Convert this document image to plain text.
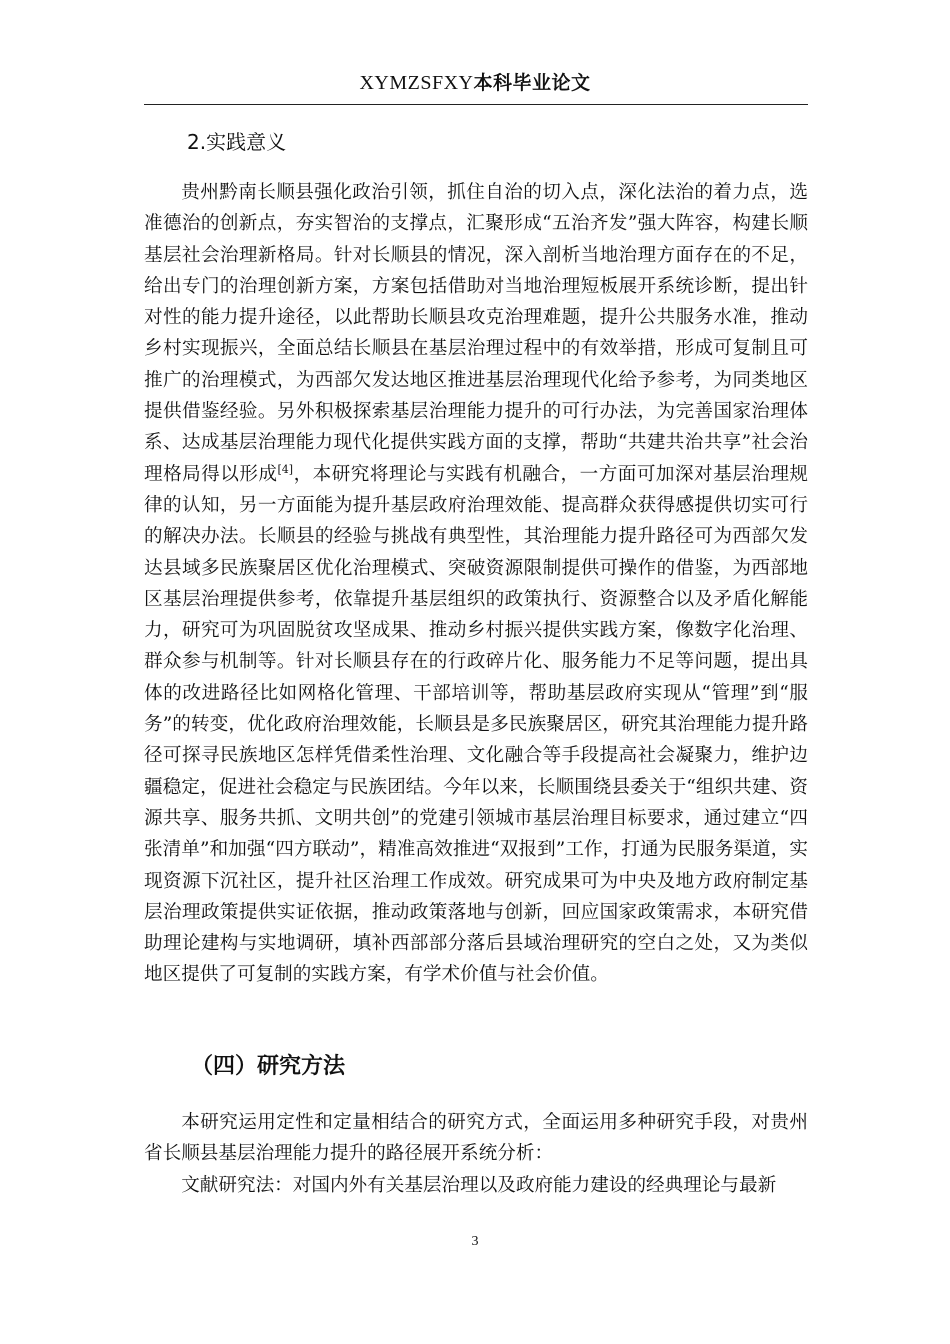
XYMZSFXY本科毕业论文
2.实践意义

贵州黔南长顺县强化政治引领，抓住自治的切入点，深化法治的着力点，选准德治的创新点，夯实智治的支撑点，汇聚形成“五治齐发”强大阵容，构建长顺基层社会治理新格局。针对长顺县的情况，深入剖析当地治理方面存在的不足，给出专门的治理创新方案，方案包括借助对当地治理短板展开系统诊断，提出针对性的能力提升途径，以此帮助长顺县攻克治理难题，提升公共服务水准，推动乡村实现振兴，全面总结长顺县在基层治理过程中的有效举措，形成可复制且可推广的治理模式，为西部欠发达地区推进基层治理现代化给予参考，为同类地区提供借鉴经验。另外积极探索基层治理能力提升的可行办法，为完善国家治理体系、达成基层治理能力现代化提供实践方面的支撑，帮助“共建共治共享”社会治理格局得以形成[4]，本研究将理论与实践有机融合，一方面可加深对基层治理规律的认知，另一方面能为提升基层政府治理效能、提高群众获得感提供切实可行的解决办法。长顺县的经验与挑战有典型性，其治理能力提升路径可为西部欠发达县域多民族聚居区优化治理模式、突破资源限制提供可操作的借鉴，为西部地区基层治理提供参考，依靠提升基层组织的政策执行、资源整合以及矛盾化解能力，研究可为巩固脱贫攻坚成果、推动乡村振兴提供实践方案，像数字化治理、群众参与机制等。针对长顺县存在的行政碎片化、服务能力不足等问题，提出具体的改进路径比如网格化管理、干部培训等，帮助基层政府实现从“管理”到“服务”的转变，优化政府治理效能，长顺县是多民族聚居区，研究其治理能力提升路径可探寻民族地区怎样凭借柔性治理、文化融合等手段提高社会凝聚力，维护边疆稳定，促进社会稳定与民族团结。今年以来，长顺围绕县委关于“组织共建、资源共享、服务共抓、文明共创”的党建引领城市基层治理目标要求，通过建立“四张清单”和加强“四方联动”，精准高效推进“双报到”工作，打通为民服务渠道，实现资源下沉社区，提升社区治理工作成效。研究成果可为中央及地方政府制定基层治理政策提供实证依据，推动政策落地与创新，回应国家政策需求，本研究借助理论建构与实地调研，填补西部部分落后县域治理研究的空白之处，又为类似地区提供了可复制的实践方案，有学术价值与社会价值。

（四）研究方法

本研究运用定性和定量相结合的研究方式，全面运用多种研究手段，对贵州省长顺县基层治理能力提升的路径展开系统分析：

文献研究法：对国内外有关基层治理以及政府能力建设的经典理论与最新

3
